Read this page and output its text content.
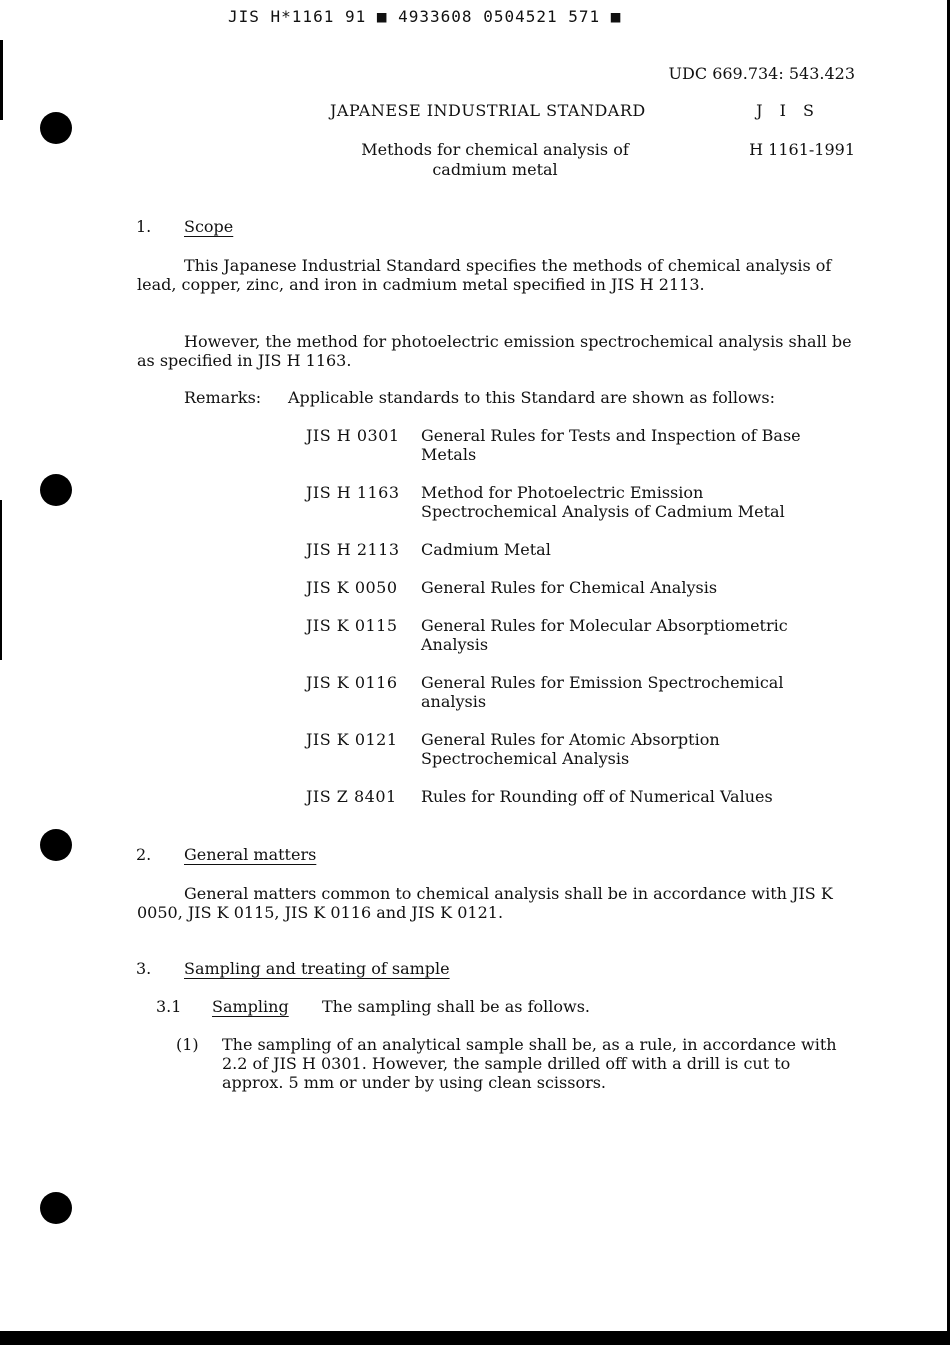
JIS H*1161 91 ■ 4933608 0504521 571 ■
UDC 669.734: 543.423
JAPANESE INDUSTRIAL STANDARD	J I S
Methods for chemical analysis of cadmium metal
H 1161-1991
1. Scope
This Japanese Industrial Standard specifies the methods of chemical analysis of lead, copper, zinc, and iron in cadmium metal specified in JIS H 2113.
However, the method for photoelectric emission spectrochemical analysis shall be as specified in JIS H 1163.
Remarks: Applicable standards to this Standard are shown as follows:
JIS H 0301	General Rules for Tests and Inspection of Base Metals
JIS H 1163	Method for Photoelectric Emission Spectrochemical Analysis of Cadmium Metal
JIS H 2113	Cadmium Metal
JIS K 0050	General Rules for Chemical Analysis
JIS K 0115	General Rules for Molecular Absorptiometric Analysis
JIS K 0116	General Rules for Emission Spectrochemical analysis
JIS K 0121	General Rules for Atomic Absorption Spectrochemical Analysis
JIS Z 8401	Rules for Rounding off of Numerical Values
2. General matters
General matters common to chemical analysis shall be in accordance with JIS K 0050, JIS K 0115, JIS K 0116 and JIS K 0121.
3. Sampling and treating of sample
3.1 Sampling The sampling shall be as follows.
(1) The sampling of an analytical sample shall be, as a rule, in accordance with 2.2 of JIS H 0301. However, the sample drilled off with a drill is cut to approx. 5 mm or under by using clean scissors.
